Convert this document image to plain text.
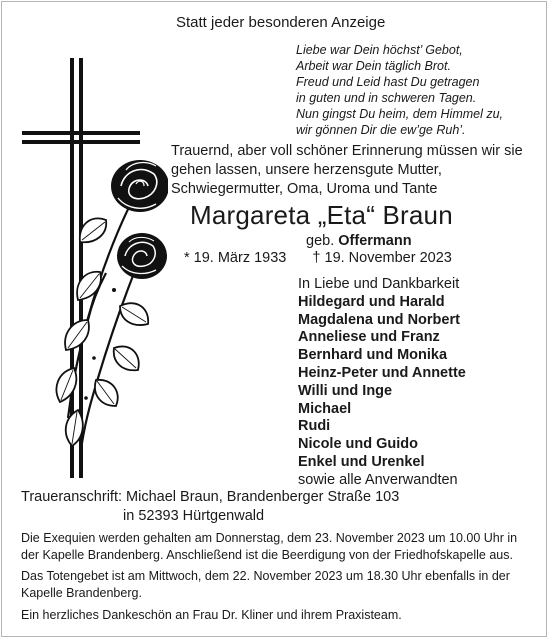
Statt jeder besonderen Anzeige
Liebe war Dein höchst’ Gebot,
Arbeit war Dein täglich Brot.
Freud und Leid hast Du getragen
in guten und in schweren Tagen.
Nun gingst Du heim, dem Himmel zu,
wir gönnen Dir die ew’ge Ruh’.
Trauernd, aber voll schöner Erinnerung müssen wir sie
gehen lassen, unsere herzensgute Mutter,
Schwiegermutter, Oma, Uroma und Tante
Margareta „Eta“ Braun
geb. Offermann
* 19. März 1933 † 19. November 2023
In Liebe und Dankbarkeit
Hildegard und Harald
Magdalena und Norbert
Anneliese und Franz
Bernhard und Monika
Heinz-Peter und Annette
Willi und Inge
Michael
Rudi
Nicole und Guido
Enkel und Urenkel
sowie alle Anverwandten
Traueranschrift: Michael Braun, Brandenberger Straße 103
in 52393 Hürtgenwald
Die Exequien werden gehalten am Donnerstag, dem 23. November 2023 um 10.00 Uhr in
der Kapelle Brandenberg. Anschließend ist die Beerdigung von der Friedhofskapelle aus.
Das Totengebet ist am Mittwoch, dem 22. November 2023 um 18.30 Uhr ebenfalls in der
Kapelle Brandenberg.
Ein herzliches Dankeschön an Frau Dr. Kliner und ihrem Praxisteam.
